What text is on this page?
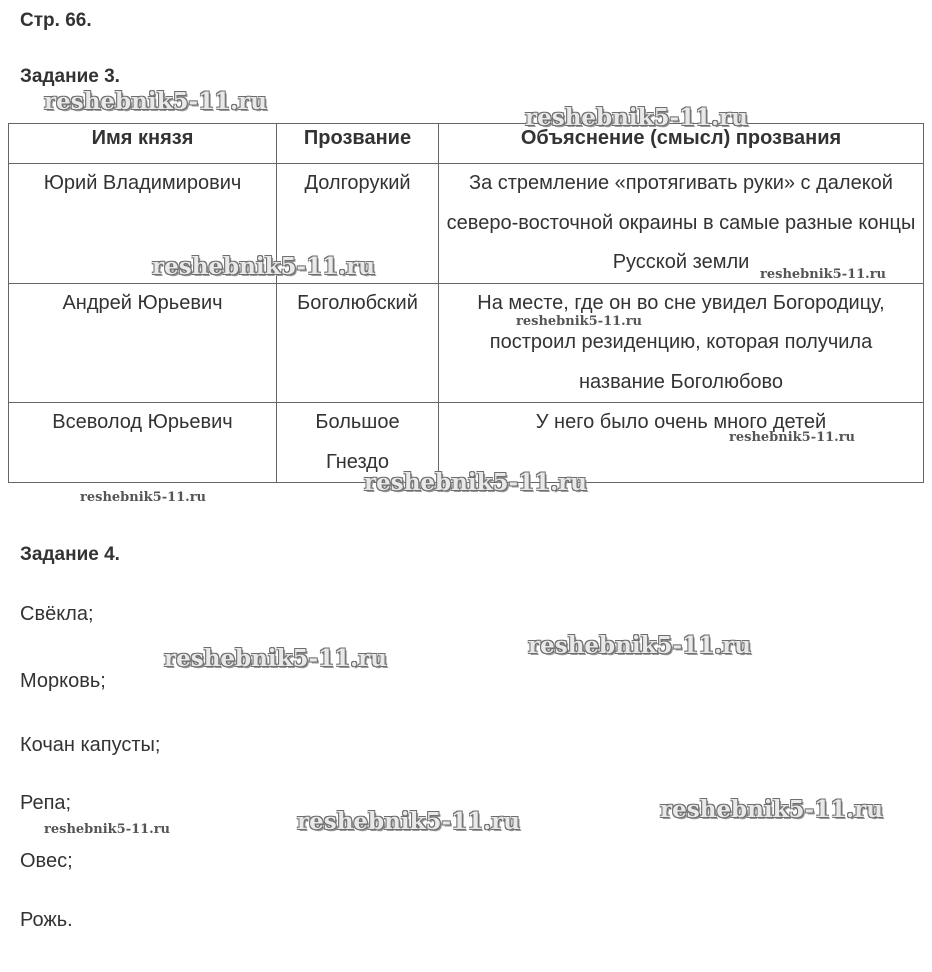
Стр. 66.
Задание 3.
Имя князя	Прозвание	Объяснение (смысл) прозвания
Юрий Владимирович	Долгорукий	За стремление «протягивать руки» с далекой северо-восточной окраины в самые разные концы Русской земли
Андрей Юрьевич	Боголюбский	На месте, где он во сне увидел Богородицу, построил резиденцию, которая получила название Боголюбово
Всеволод Юрьевич	Большое Гнездо	У него было очень много детей
Задание 4.
Свёкла;
Морковь;
Кочан капусты;
Репа;
Овес;
Рожь.
reshebnik5-11.ru
reshebnik5-11.ru
reshebnik5-11.ru	reshebnik5-11.ru
reshebnik5-11.ru
reshebnik5-11.ru
reshebnik5-11.ru
reshebnik5-11.ru
reshebnik5-11.ru
reshebnik5-11.ru
reshebnik5-11.ru
reshebnik5-11.ru
reshebnik5-11.ru
